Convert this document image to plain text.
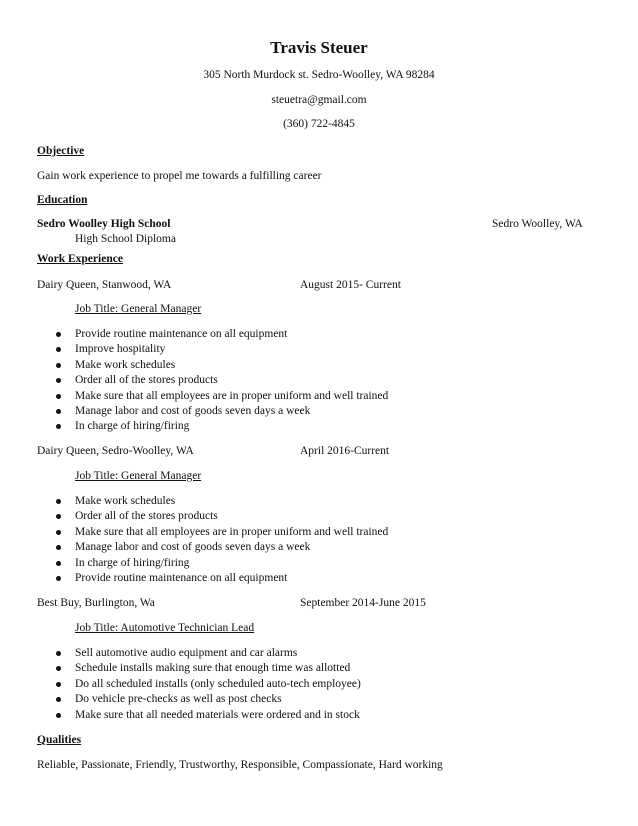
Travis Steuer
305 North Murdock st. Sedro-Woolley, WA 98284
steuetra@gmail.com
(360) 722-4845
Objective
Gain work experience to propel me towards a fulfilling career
Education
Sedro Woolley High School	Sedro Woolley, WA
High School Diploma
Work Experience
Dairy Queen, Stanwood, WA	August 2015- Current
Job Title: General Manager
Provide routine maintenance on all equipment
Improve hospitality
Make work schedules
Order all of the stores products
Make sure that all employees are in proper uniform and well trained
Manage labor and cost of goods seven days a week
In charge of hiring/firing
Dairy Queen, Sedro-Woolley, WA	April 2016-Current
Job Title: General Manager
Make work schedules
Order all of the stores products
Make sure that all employees are in proper uniform and well trained
Manage labor and cost of goods seven days a week
In charge of hiring/firing
Provide routine maintenance on all equipment
Best Buy, Burlington, Wa	September 2014-June 2015
Job Title: Automotive Technician Lead
Sell automotive audio equipment and car alarms
Schedule installs making sure that enough time was allotted
Do all scheduled installs (only scheduled auto-tech employee)
Do vehicle pre-checks as well as post checks
Make sure that all needed materials were ordered and in stock
Qualities
Reliable, Passionate, Friendly, Trustworthy, Responsible, Compassionate, Hard working
